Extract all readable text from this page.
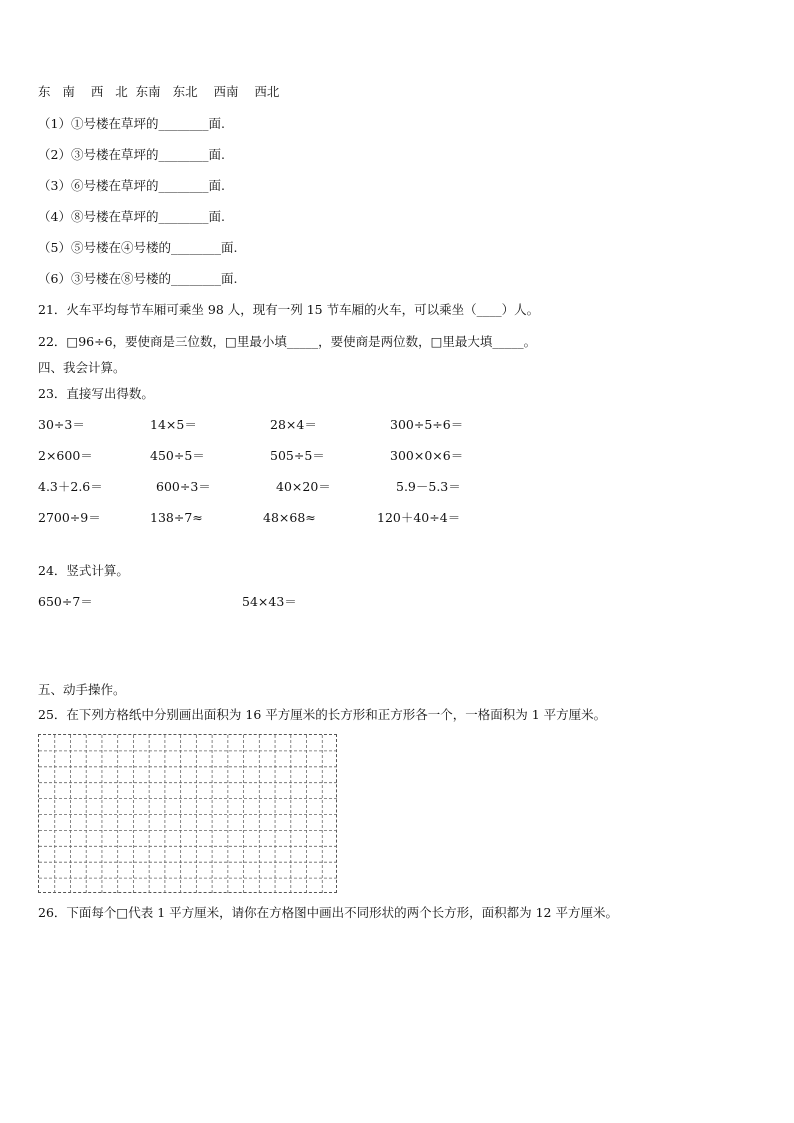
东   南    西   北  东南   东北    西南    西北
（1）①号楼在草坪的________面.
（2）③号楼在草坪的________面.
（3）⑥号楼在草坪的________面.
（4）⑧号楼在草坪的________面.
（5）⑤号楼在④号楼的________面.
（6）③号楼在⑧号楼的________面.
21．火车平均每节车厢可乘坐 98 人，现有一列 15 节车厢的火车，可以乘坐（____）人。
22．□96÷6，要使商是三位数，□里最小填_____，要使商是两位数，□里最大填_____。
四、我会计算。
23．直接写出得数。
30÷3＝	14×5＝	28×4＝	300÷5÷6＝
2×600＝	450÷5＝	505÷5＝	300×0×6＝
4.3＋2.6＝	600÷3＝	40×20＝	5.9－5.3＝
2700÷9＝	138÷7≈	48×68≈	120＋40÷4＝
24．竖式计算。
650÷7＝	54×43＝
五、动手操作。
25．在下列方格纸中分别画出面积为 16 平方厘米的长方形和正方形各一个，一格面积为 1 平方厘米。
26．下面每个□代表 1 平方厘米，请你在方格图中画出不同形状的两个长方形，面积都为 12 平方厘米。
